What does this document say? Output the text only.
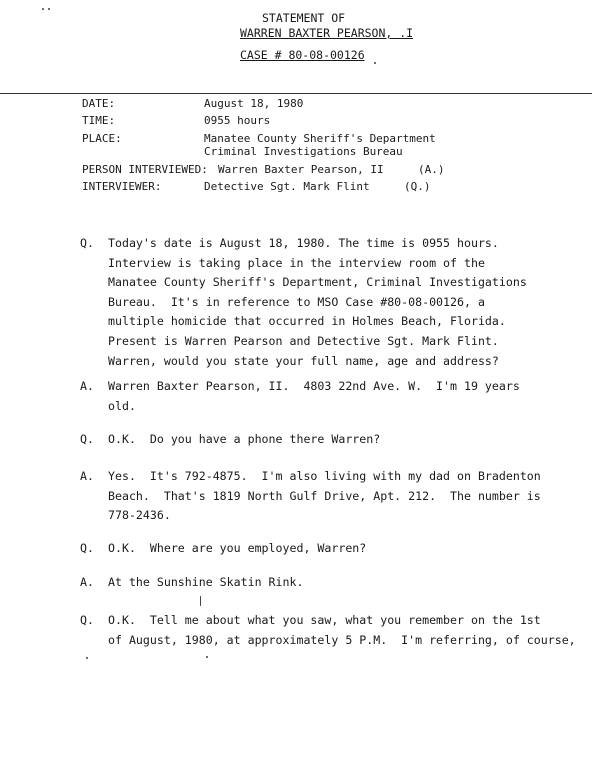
STATEMENT OF
WARREN BAXTER PEARSON, .I
CASE # 80-08-00126
DATE:	August 18, 1980
TIME:	0955 hours
PLACE:	Manatee County Sheriff's Department
Criminal Investigations Bureau
PERSON INTERVIEWED: Warren Baxter Pearson, II	(A.)
INTERVIEWER:	Detective Sgt. Mark Flint	(Q.)
Q. Today's date is August 18, 1980. The time is 0955 hours.
Interview is taking place in the interview room of the
Manatee County Sheriff's Department, Criminal Investigations
Bureau.  It's in reference to MSO Case #80-08-00126, a
multiple homicide that occurred in Holmes Beach, Florida.
Present is Warren Pearson and Detective Sgt. Mark Flint.
Warren, would you state your full name, age and address?
A. Warren Baxter Pearson, II.  4803 22nd Ave. W.  I'm 19 years
old.
Q. O.K.  Do you have a phone there Warren?
A. Yes.  It's 792-4875.  I'm also living with my dad on Bradenton
Beach.  That's 1819 North Gulf Drive, Apt. 212.  The number is
778-2436.
Q. O.K.  Where are you employed, Warren?
A. At the Sunshine Skatin Rink.
Q. O.K.  Tell me about what you saw, what you remember on the 1st
of August, 1980, at approximately 5 P.M.  I'm referring, of course,
